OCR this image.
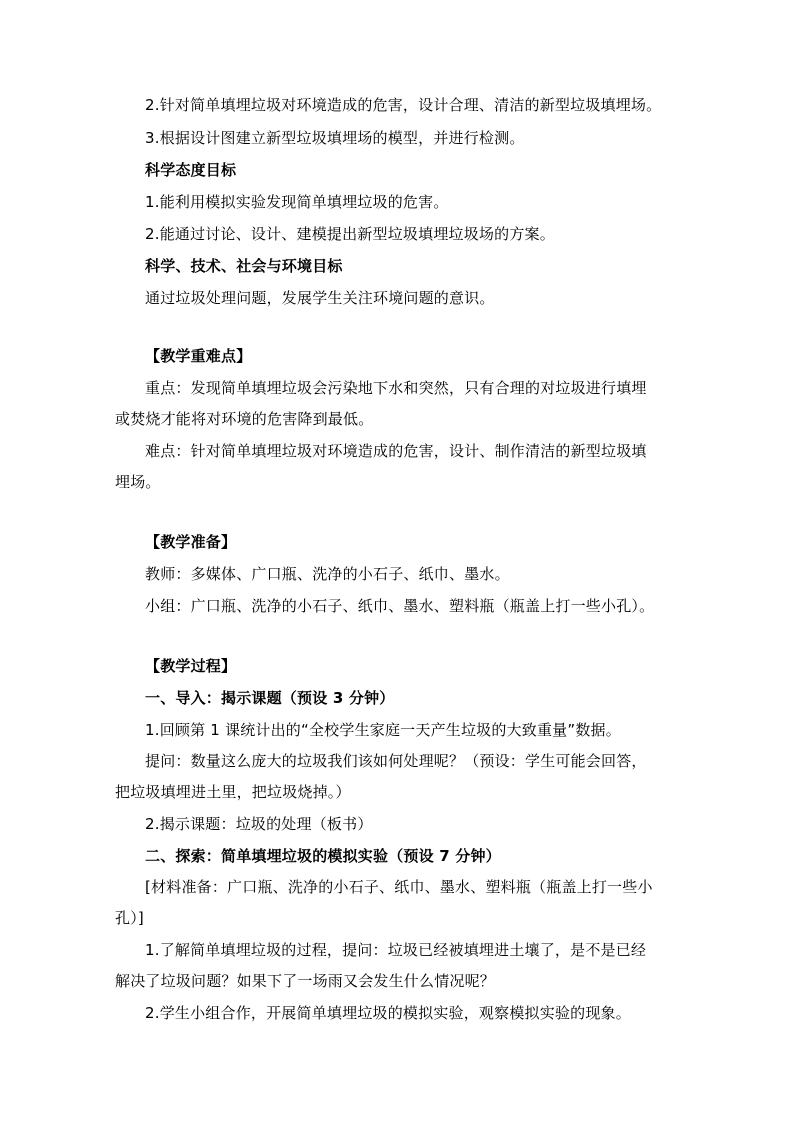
2.针对简单填埋垃圾对环境造成的危害，设计合理、清洁的新型垃圾填埋场。
3.根据设计图建立新型垃圾填埋场的模型，并进行检测。
科学态度目标
1.能利用模拟实验发现简单填埋垃圾的危害。
2.能通过讨论、设计、建模提出新型垃圾填埋垃圾场的方案。
科学、技术、社会与环境目标
通过垃圾处理问题，发展学生关注环境问题的意识。
【教学重难点】
重点：发现简单填埋垃圾会污染地下水和突然，只有合理的对垃圾进行填埋
或焚烧才能将对环境的危害降到最低。
难点：针对简单填埋垃圾对环境造成的危害，设计、制作清洁的新型垃圾填
埋场。
【教学准备】
教师：多媒体、广口瓶、洗净的小石子、纸巾、墨水。
小组：广口瓶、洗净的小石子、纸巾、墨水、塑料瓶（瓶盖上打一些小孔）。
【教学过程】
一、导入：揭示课题（预设 3 分钟）
1.回顾第 1 课统计出的“全校学生家庭一天产生垃圾的大致重量”数据。
提问：数量这么庞大的垃圾我们该如何处理呢？（预设：学生可能会回答，
把垃圾填埋进土里，把垃圾烧掉。）
2.揭示课题：垃圾的处理（板书）
二、探索：简单填埋垃圾的模拟实验（预设 7 分钟）
[材料准备：广口瓶、洗净的小石子、纸巾、墨水、塑料瓶（瓶盖上打一些小
孔）]
1.了解简单填埋垃圾的过程，提问：垃圾已经被填埋进土壤了，是不是已经
解决了垃圾问题？如果下了一场雨又会发生什么情况呢？
2.学生小组合作，开展简单填埋垃圾的模拟实验，观察模拟实验的现象。
